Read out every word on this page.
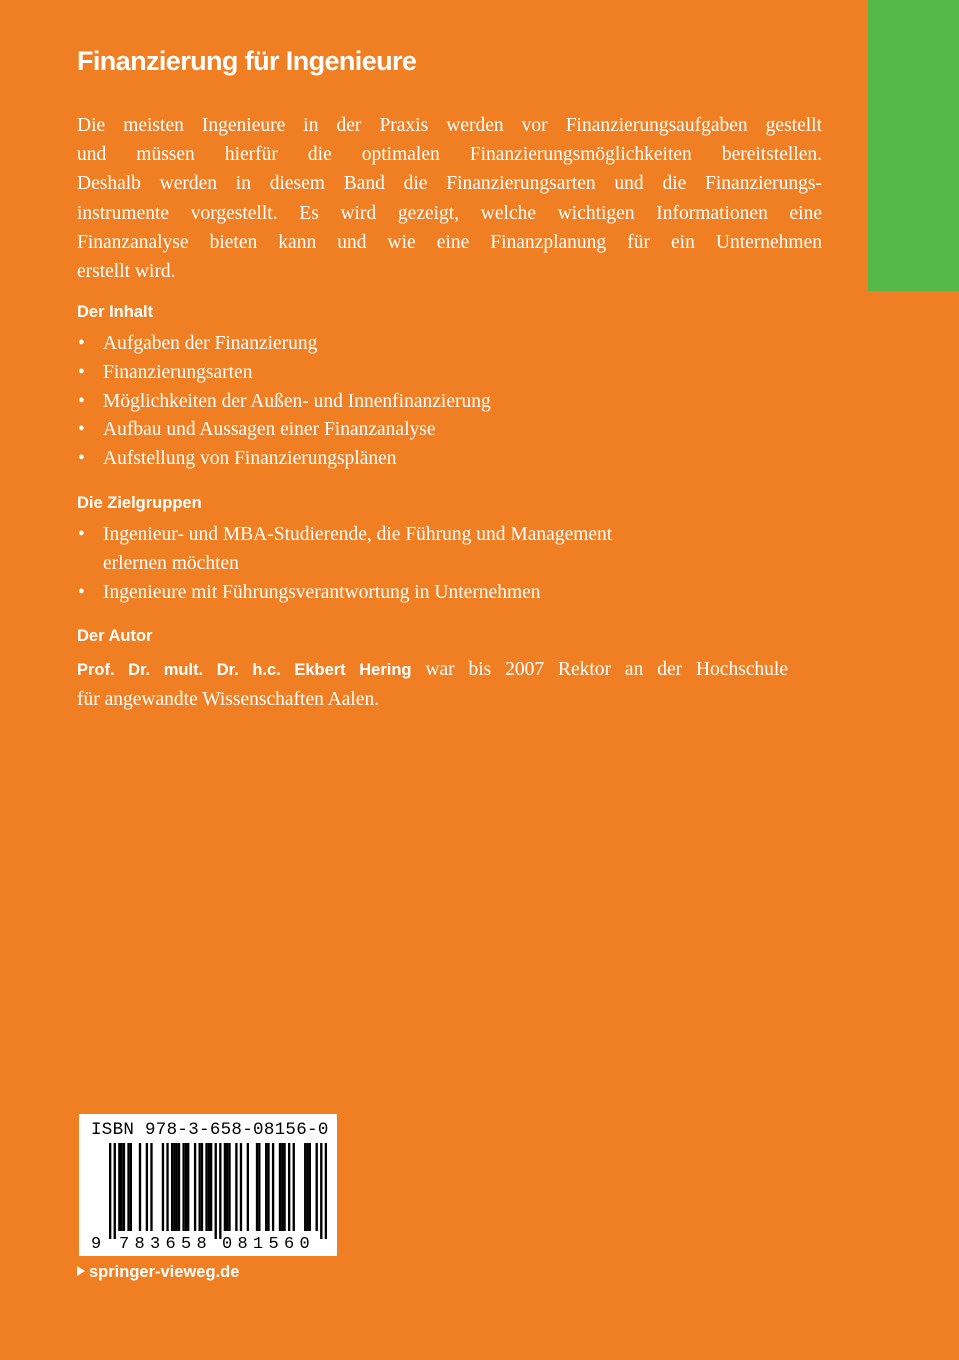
Finanzierung für Ingenieure

Die meisten Ingenieure in der Praxis werden vor Finanzierungsaufgaben gestellt
und müssen hierfür die optimalen Finanzierungsmöglichkeiten bereitstellen.
Deshalb werden in diesem Band die Finanzierungsarten und die Finanzierungs-
instrumente vorgestellt. Es wird gezeigt, welche wichtigen Informationen eine
Finanzanalyse bieten kann und wie eine Finanzplanung für ein Unternehmen
erstellt wird.

Der Inhalt
• Aufgaben der Finanzierung
• Finanzierungsarten
• Möglichkeiten der Außen- und Innenfinanzierung
• Aufbau und Aussagen einer Finanzanalyse
• Aufstellung von Finanzierungsplänen
Die Zielgruppen
• Ingenieur- und MBA-Studierende, die Führung und Management
erlernen möchten
• Ingenieure mit Führungsverantwortung in Unternehmen
Der Autor

Prof. Dr. mult. Dr. h.c. Ekbert Hering war bis 2007 Rektor an der Hochschule
für angewandte Wissenschaften Aalen.

ISBN 978-3-658-08156-0
9 7 8 3 6 5 8 0 8 1 5 6 0
springer-vieweg.de
